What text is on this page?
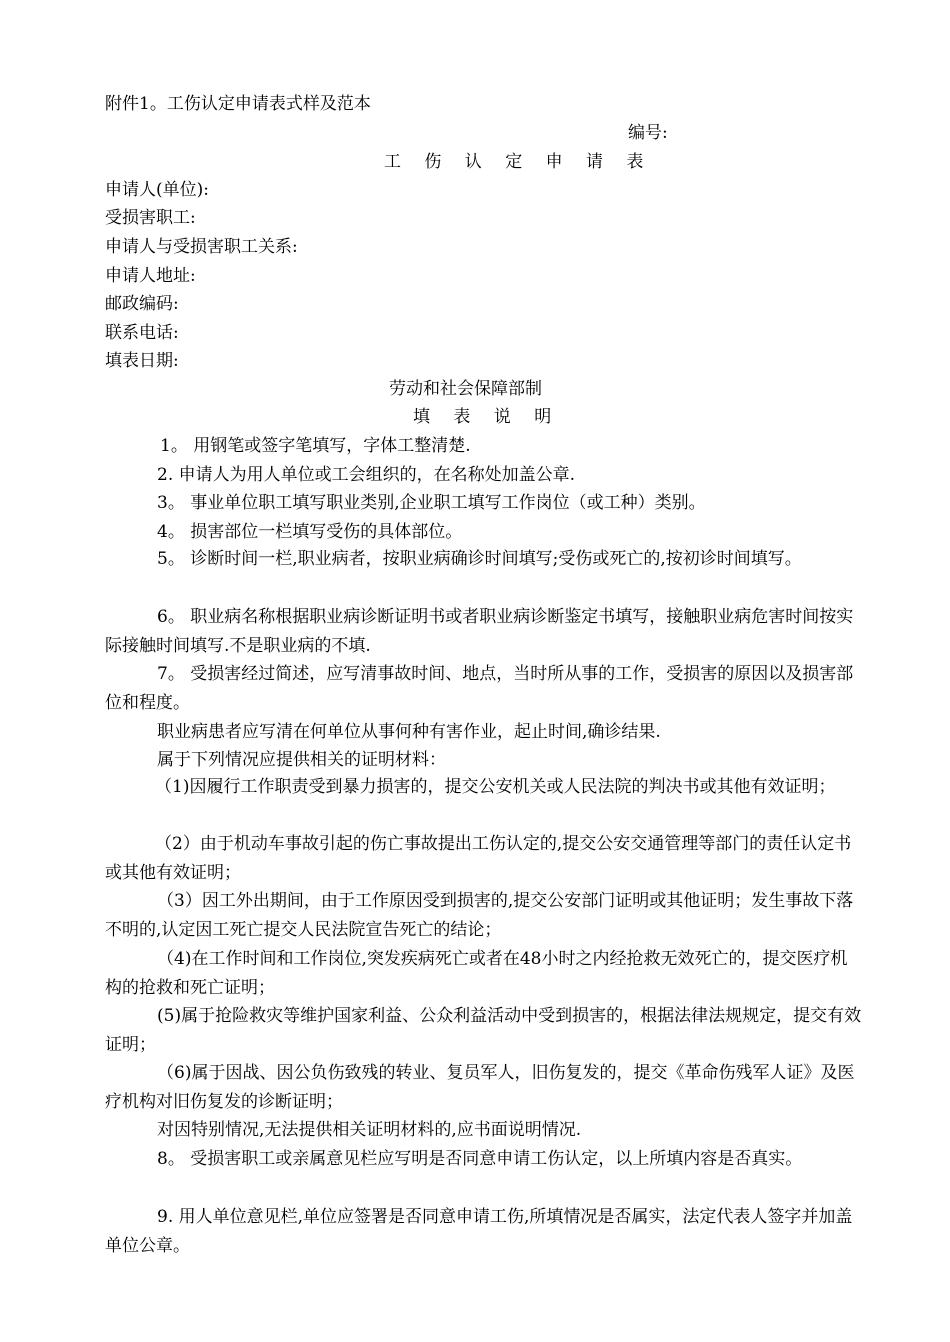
附件1。工伤认定申请表式样及范本
编号:
工 伤 认 定 申 请 表
申请人(单位):
受损害职工:
申请人与受损害职工关系:
申请人地址:
邮政编码:
联系电话:
填表日期:
劳动和社会保障部制
填 表 说 明
1。 用钢笔或签字笔填写，字体工整清楚.
2. 申请人为用人单位或工会组织的，在名称处加盖公章.
3。 事业单位职工填写职业类别,企业职工填写工作岗位（或工种）类别。
4。 损害部位一栏填写受伤的具体部位。
5。 诊断时间一栏,职业病者，按职业病确诊时间填写;受伤或死亡的,按初诊时间填写。
6。 职业病名称根据职业病诊断证明书或者职业病诊断鉴定书填写，接触职业病危害时间按实际接触时间填写.不是职业病的不填.
7。 受损害经过简述，应写清事故时间、地点，当时所从事的工作，受损害的原因以及损害部位和程度。
职业病患者应写清在何单位从事何种有害作业，起止时间,确诊结果.
属于下列情况应提供相关的证明材料：
（1)因履行工作职责受到暴力损害的，提交公安机关或人民法院的判决书或其他有效证明；
（2）由于机动车事故引起的伤亡事故提出工伤认定的,提交公安交通管理等部门的责任认定书或其他有效证明；
（3）因工外出期间，由于工作原因受到损害的,提交公安部门证明或其他证明；发生事故下落不明的,认定因工死亡提交人民法院宣告死亡的结论；
（4)在工作时间和工作岗位,突发疾病死亡或者在48小时之内经抢救无效死亡的，提交医疗机构的抢救和死亡证明；
(5)属于抢险救灾等维护国家利益、公众利益活动中受到损害的，根据法律法规规定，提交有效证明；
（6)属于因战、因公负伤致残的转业、复员军人，旧伤复发的，提交《革命伤残军人证》及医疗机构对旧伤复发的诊断证明；
对因特别情况,无法提供相关证明材料的,应书面说明情况.
8。 受损害职工或亲属意见栏应写明是否同意申请工伤认定，以上所填内容是否真实。
9. 用人单位意见栏,单位应签署是否同意申请工伤,所填情况是否属实，法定代表人签字并加盖单位公章。
